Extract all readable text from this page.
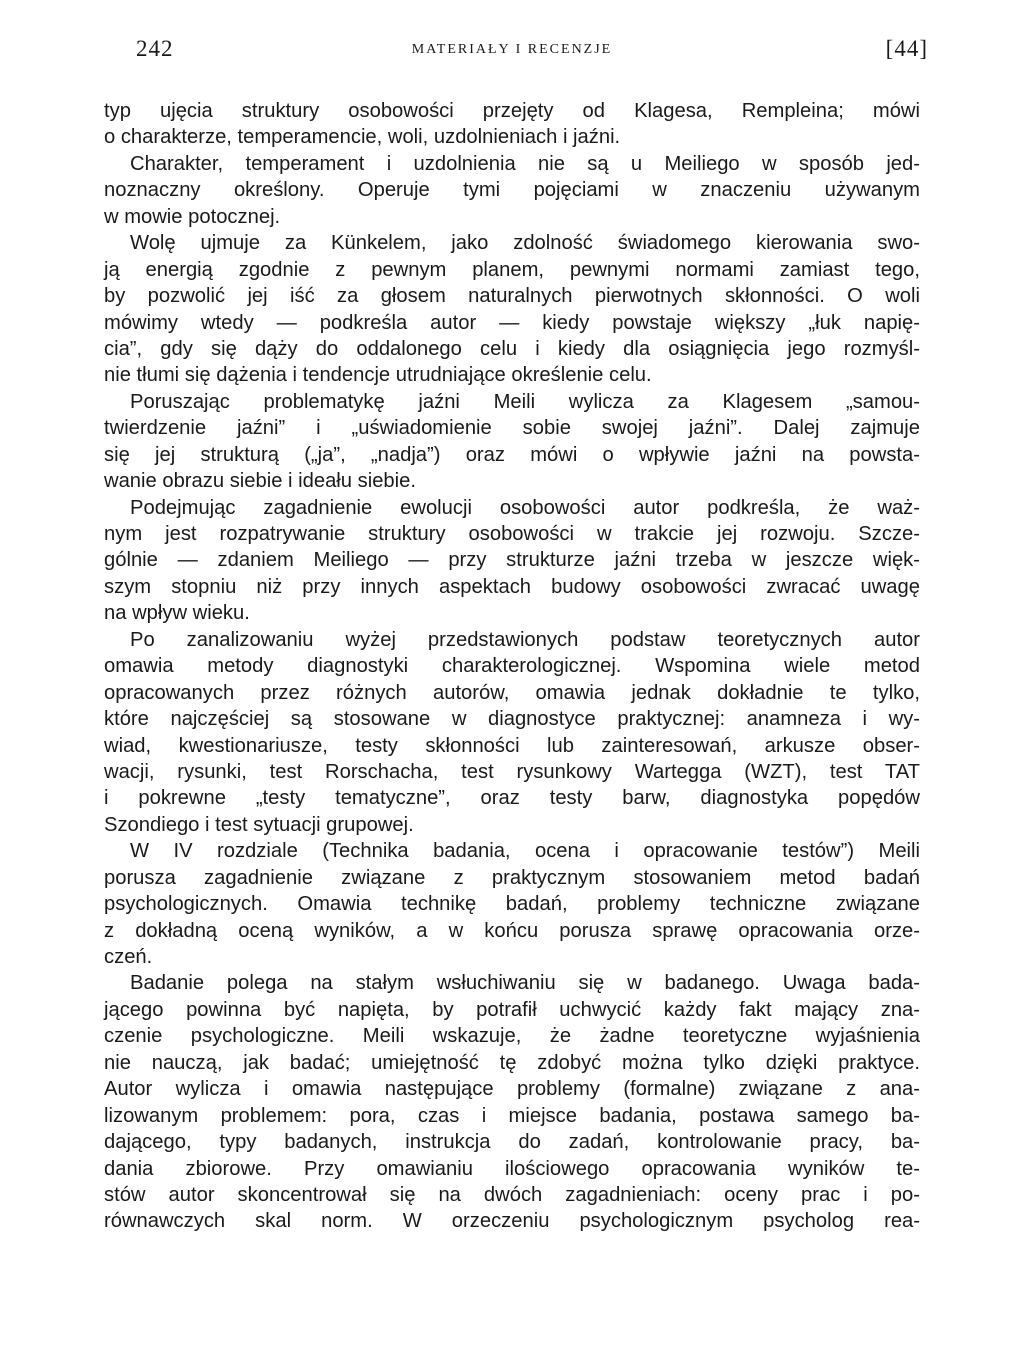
242	MATERIAŁY I RECENZJE	[44]
typ ujęcia struktury osobowości przejęty od Klagesa, Rempleina; mówi
o charakterze, temperamencie, woli, uzdolnieniach i jaźni.
Charakter, temperament i uzdolnienia nie są u Meiliego w sposób jed-
noznaczny określony. Operuje tymi pojęciami w znaczeniu używanym
w mowie potocznej.
Wolę ujmuje za Künkelem, jako zdolność świadomego kierowania swo-
ją energią zgodnie z pewnym planem, pewnymi normami zamiast tego,
by pozwolić jej iść za głosem naturalnych pierwotnych skłonności. O woli
mówimy wtedy — podkreśla autor — kiedy powstaje większy „łuk napię-
cia”, gdy się dąży do oddalonego celu i kiedy dla osiągnięcia jego rozmyśl-
nie tłumi się dążenia i tendencje utrudniające określenie celu.
Poruszając problematykę jaźni Meili wylicza za Klagesem „samou-
twierdzenie jaźni” i „uświadomienie sobie swojej jaźni”. Dalej zajmuje
się jej strukturą („ja”, „nadja”) oraz mówi o wpływie jaźni na powsta-
wanie obrazu siebie i ideału siebie.
Podejmując zagadnienie ewolucji osobowości autor podkreśla, że waż-
nym jest rozpatrywanie struktury osobowości w trakcie jej rozwoju. Szcze-
gólnie — zdaniem Meiliego — przy strukturze jaźni trzeba w jeszcze więk-
szym stopniu niż przy innych aspektach budowy osobowości zwracać uwagę
na wpływ wieku.
Po zanalizowaniu wyżej przedstawionych podstaw teoretycznych autor
omawia metody diagnostyki charakterologicznej. Wspomina wiele metod
opracowanych przez różnych autorów, omawia jednak dokładnie te tylko,
które najczęściej są stosowane w diagnostyce praktycznej: anamneza i wy-
wiad, kwestionariusze, testy skłonności lub zainteresowań, arkusze obser-
wacji, rysunki, test Rorschacha, test rysunkowy Wartegga (WZT), test TAT
i pokrewne „testy tematyczne”, oraz testy barw, diagnostyka popędów
Szondiego i test sytuacji grupowej.
W IV rozdziale (Technika badania, ocena i opracowanie testów”) Meili
porusza zagadnienie związane z praktycznym stosowaniem metod badań
psychologicznych. Omawia technikę badań, problemy techniczne związane
z dokładną oceną wyników, a w końcu porusza sprawę opracowania orze-
czeń.
Badanie polega na stałym wsłuchiwaniu się w badanego. Uwaga bada-
jącego powinna być napięta, by potrafił uchwycić każdy fakt mający zna-
czenie psychologiczne. Meili wskazuje, że żadne teoretyczne wyjaśnienia
nie nauczą, jak badać; umiejętność tę zdobyć można tylko dzięki praktyce.
Autor wylicza i omawia następujące problemy (formalne) związane z ana-
lizowanym problemem: pora, czas i miejsce badania, postawa samego ba-
dającego, typy badanych, instrukcja do zadań, kontrolowanie pracy, ba-
dania zbiorowe. Przy omawianiu ilościowego opracowania wyników te-
stów autor skoncentrował się na dwóch zagadnieniach: oceny prac i po-
równawczych skal norm. W orzeczeniu psychologicznym psycholog rea-
